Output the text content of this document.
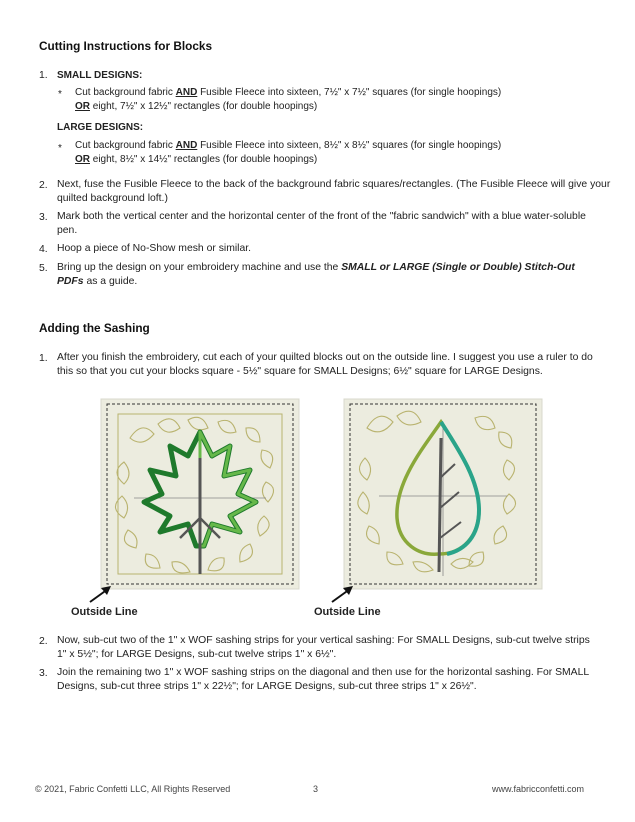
Cutting Instructions for Blocks
1. SMALL DESIGNS:
* Cut background fabric AND Fusible Fleece into sixteen, 7½" x 7½" squares (for single hoopings)
OR eight, 7½" x 12½" rectangles (for double hoopings)
LARGE DESIGNS:
* Cut background fabric AND Fusible Fleece into sixteen, 8½" x 8½" squares (for single hoopings)
OR eight, 8½" x 14½" rectangles (for double hoopings)
2. Next, fuse the Fusible Fleece to the back of the background fabric squares/rectangles. (The Fusible Fleece will give your quilted background loft.)
3. Mark both the vertical center and the horizontal center of the front of the "fabric sandwich" with a blue water-soluble pen.
4. Hoop a piece of No-Show mesh or similar.
5. Bring up the design on your embroidery machine and use the SMALL or LARGE (Single or Double) Stitch-Out PDFs as a guide.
Adding the Sashing
1. After you finish the embroidery, cut each of your quilted blocks out on the outside line. I suggest you use a ruler to do this so that you cut your blocks square - 5½" square for SMALL Designs; 6½" square for LARGE Designs.
Outside Line	Outside Line
2. Now, sub-cut two of the 1" x WOF sashing strips for your vertical sashing: For SMALL Designs, sub-cut twelve strips 1" x 5½"; for LARGE Designs, sub-cut twelve strips 1" x 6½".
3. Join the remaining two 1" x WOF sashing strips on the diagonal and then use for the horizontal sashing. For SMALL Designs, sub-cut three strips 1" x 22½"; for LARGE Designs, sub-cut three strips 1" x 26½".
© 2021, Fabric Confetti LLC, All Rights Reserved	3	www.fabricconfetti.com
